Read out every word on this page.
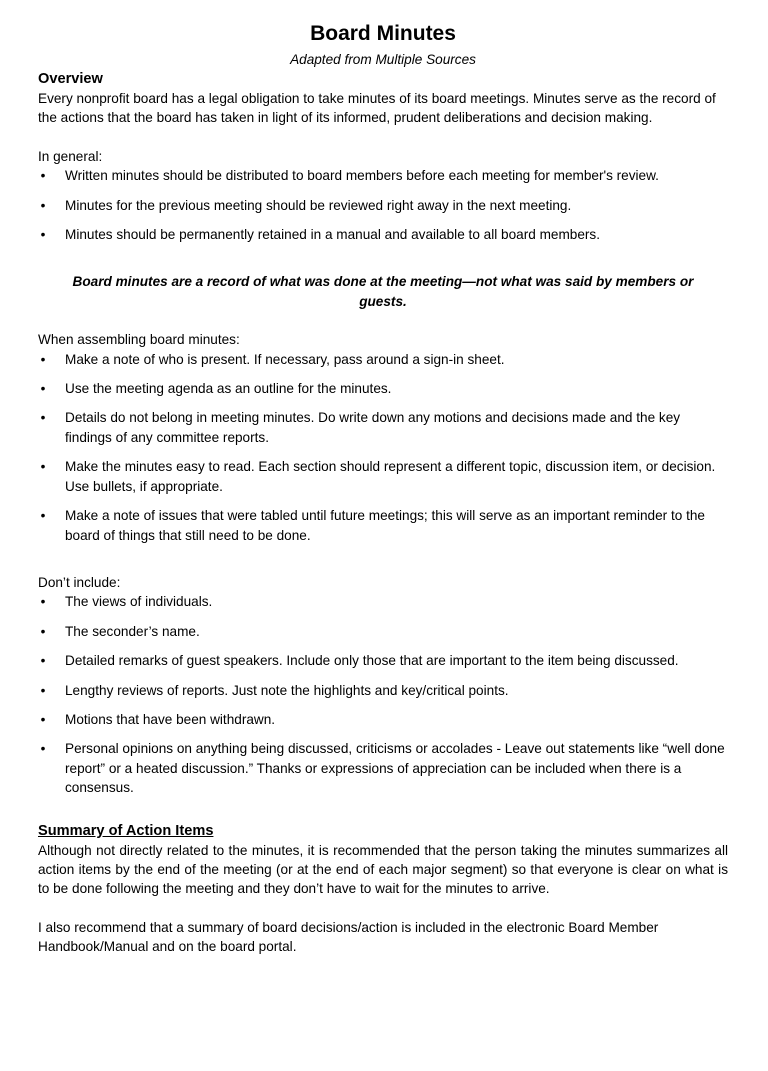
Board Minutes
Adapted from Multiple Sources
Overview

Every nonprofit board has a legal obligation to take minutes of its board meetings. Minutes serve as the record of the actions that the board has taken in light of its informed, prudent deliberations and decision making.

In general:

• Written minutes should be distributed to board members before each meeting for member's review.
• Minutes for the previous meeting should be reviewed right away in the next meeting.
• Minutes should be permanently retained in a manual and available to all board members.

Board minutes are a record of what was done at the meeting—not what was said by members or guests.

When assembling board minutes:

• Make a note of who is present. If necessary, pass around a sign-in sheet.
• Use the meeting agenda as an outline for the minutes.
• Details do not belong in meeting minutes. Do write down any motions and decisions made and the key findings of any committee reports.
• Make the minutes easy to read. Each section should represent a different topic, discussion item, or decision. Use bullets, if appropriate.
• Make a note of issues that were tabled until future meetings; this will serve as an important reminder to the board of things that still need to be done.

Don’t include:

• The views of individuals.
• The seconder’s name.
• Detailed remarks of guest speakers. Include only those that are important to the item being discussed.
• Lengthy reviews of reports. Just note the highlights and key/critical points.
• Motions that have been withdrawn.
• Personal opinions on anything being discussed, criticisms or accolades - Leave out statements like “well done report” or a heated discussion.” Thanks or expressions of appreciation can be included when there is a consensus.
Summary of Action Items

Although not directly related to the minutes, it is recommended that the person taking the minutes summarizes all action items by the end of the meeting (or at the end of each major segment) so that everyone is clear on what is to be done following the meeting and they don’t have to wait for the minutes to arrive.

I also recommend that a summary of board decisions/action is included in the electronic Board Member Handbook/Manual and on the board portal.
